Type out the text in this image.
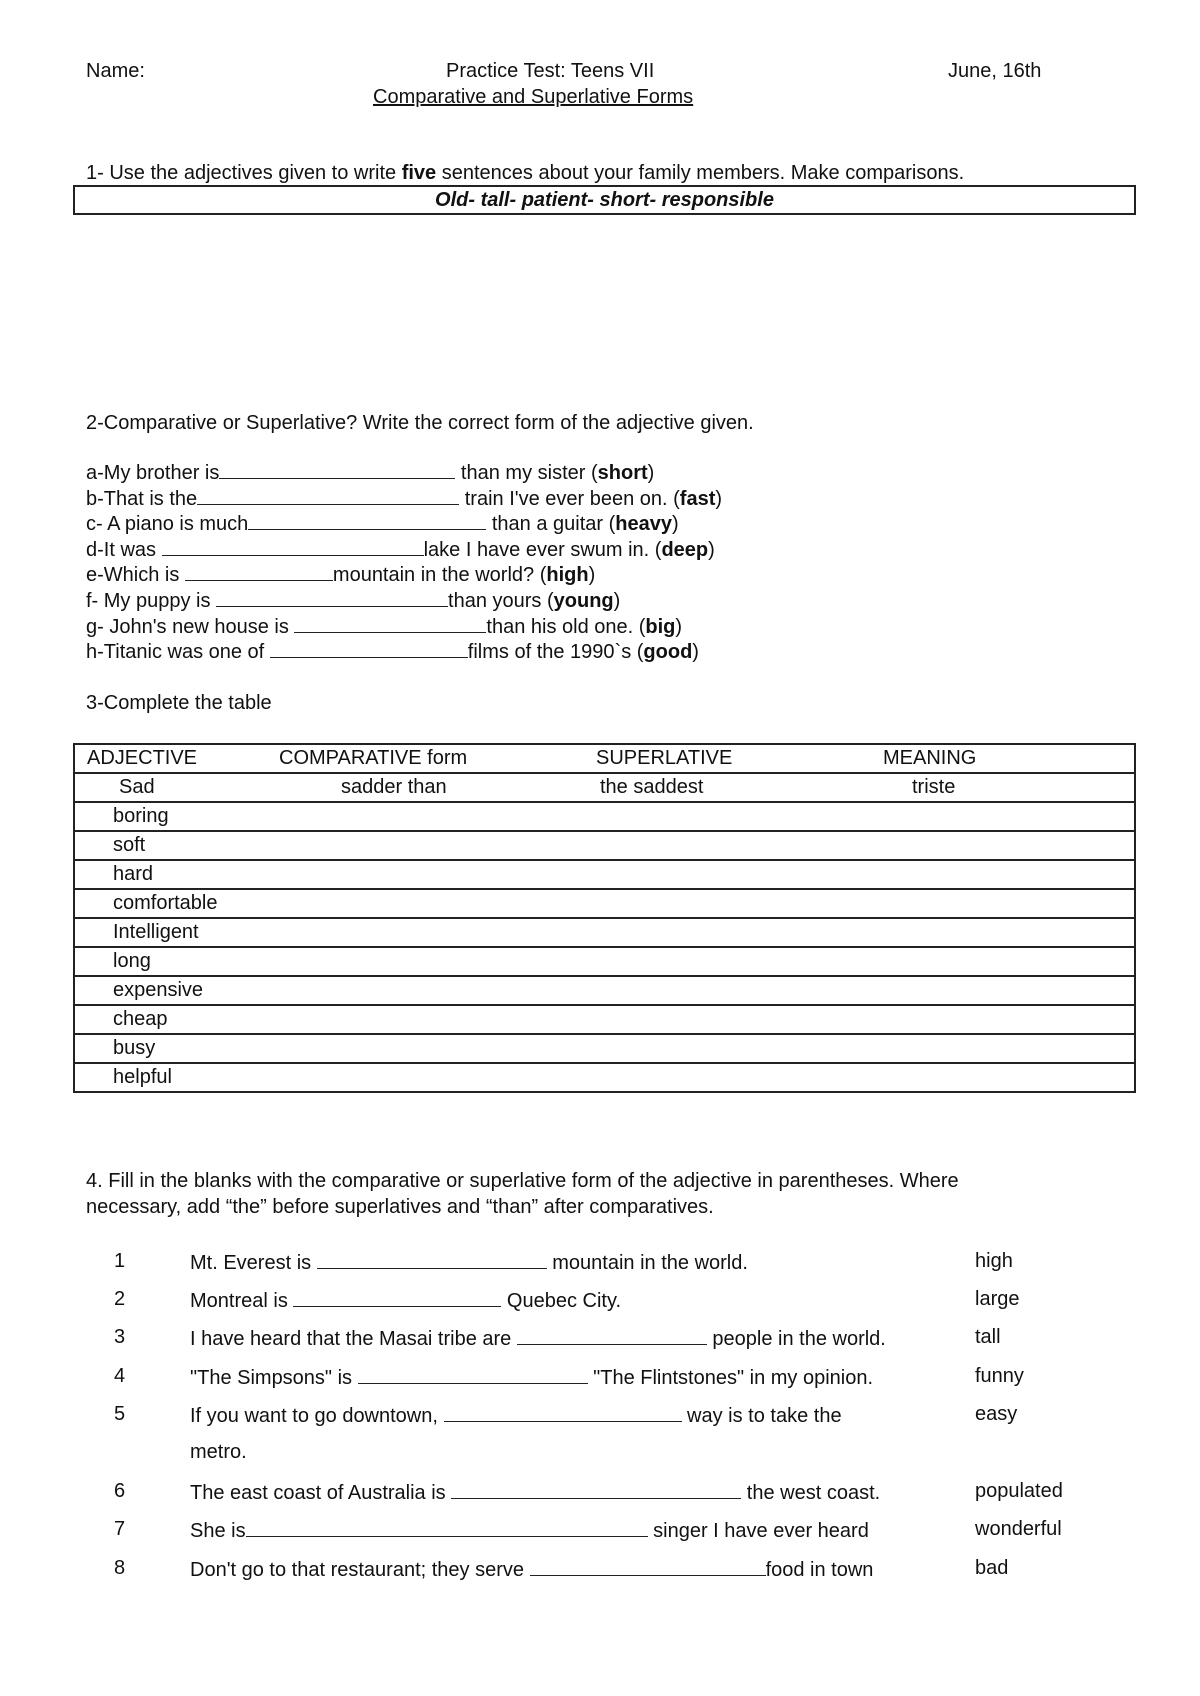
Name:	Practice Test: Teens VII	June, 16th
Comparative and Superlative Forms
1- Use the adjectives given to write five sentences about your family members. Make comparisons.
Old- tall- patient- short- responsible
2-Comparative or Superlative? Write the correct form of the adjective given.
a-My brother is	than my sister (short)
b-That is the	train I've ever been on. (fast)
c- A piano is much	than a guitar (heavy)
d-It was	lake I have ever swum in. (deep)
e-Which is	mountain in the world? (high)
f- My puppy is	than yours (young)
g- John's new house is	than his old one. (big)
h-Titanic was one of	films of the 1990`s (good)
3-Complete the table
ADJECTIVE	COMPARATIVE form	SUPERLATIVE	MEANING
Sad	sadder than	the saddest	triste
boring			
soft			
hard			
comfortable			
Intelligent			
long			
expensive			
cheap			
busy			
helpful			
4. Fill in the blanks with the comparative or superlative form of the adjective in parentheses. Where
necessary, add “the” before superlatives and “than” after comparatives.
1	Mt. Everest is	mountain in the world.	high
2	Montreal is	Quebec City.	large
3	I have heard that the Masai tribe are	people in the world.	tall
4	"The Simpsons" is	"The Flintstones" in my opinion.	funny
5	If you want to go downtown,	way is to take the	easy
metro.
6	The east coast of Australia is	the west coast.	populated
7	She is	singer I have ever heard	wonderful
8	Don't go to that restaurant; they serve	food in town	bad
